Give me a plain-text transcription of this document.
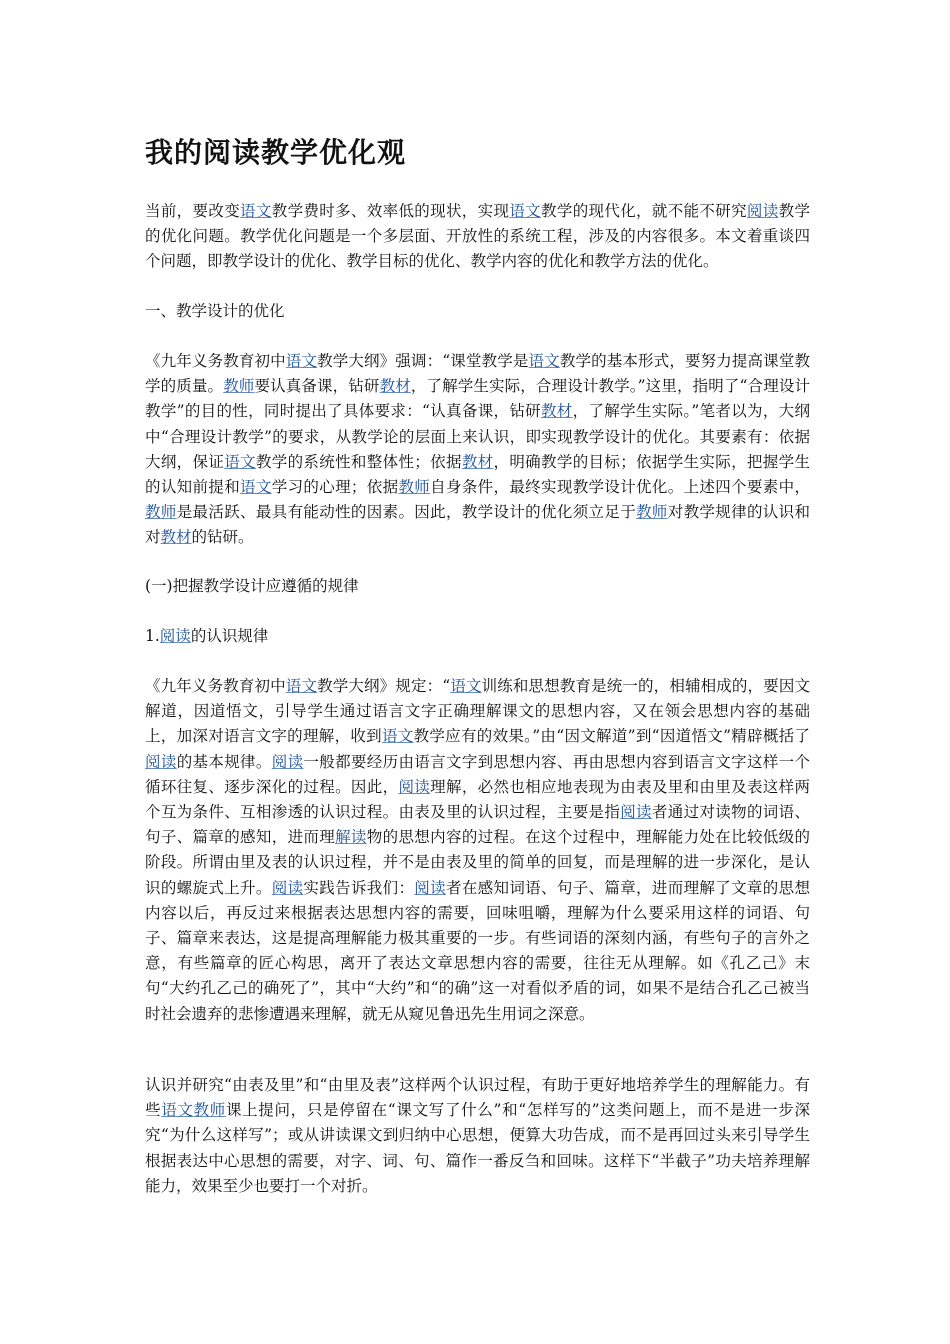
我的阅读教学优化观

当前，要改变语文教学费时多、效率低的现状，实现语文教学的现代化，就不能不研究阅读教学的优化问题。教学优化问题是一个多层面、开放性的系统工程，涉及的内容很多。本文着重谈四个问题，即教学设计的优化、教学目标的优化、教学内容的优化和教学方法的优化。

一、教学设计的优化

《九年义务教育初中语文教学大纲》强调：“课堂教学是语文教学的基本形式，要努力提高课堂教学的质量。教师要认真备课，钻研教材，了解学生实际，合理设计教学。”这里，指明了“合理设计教学”的目的性，同时提出了具体要求：“认真备课，钻研教材，了解学生实际。”笔者以为，大纲中“合理设计教学”的要求，从教学论的层面上来认识，即实现教学设计的优化。其要素有：依据大纲，保证语文教学的系统性和整体性；依据教材，明确教学的目标；依据学生实际，把握学生的认知前提和语文学习的心理；依据教师自身条件，最终实现教学设计优化。上述四个要素中，教师是最活跃、最具有能动性的因素。因此，教学设计的优化须立足于教师对教学规律的认识和对教材的钻研。

(一)把握教学设计应遵循的规律

1.阅读的认识规律

《九年义务教育初中语文教学大纲》规定：“语文训练和思想教育是统一的，相辅相成的，要因文解道，因道悟文，引导学生通过语言文字正确理解课文的思想内容，又在领会思想内容的基础上，加深对语言文字的理解，收到语文教学应有的效果。”由“因文解道”到“因道悟文”精辟概括了阅读的基本规律。阅读一般都要经历由语言文字到思想内容、再由思想内容到语言文字这样一个循环往复、逐步深化的过程。因此，阅读理解，必然也相应地表现为由表及里和由里及表这样两个互为条件、互相渗透的认识过程。由表及里的认识过程，主要是指阅读者通过对读物的词语、句子、篇章的感知，进而理解读物的思想内容的过程。在这个过程中，理解能力处在比较低级的阶段。所谓由里及表的认识过程，并不是由表及里的简单的回复，而是理解的进一步深化，是认识的螺旋式上升。阅读实践告诉我们：阅读者在感知词语、句子、篇章，进而理解了文章的思想内容以后，再反过来根据表达思想内容的需要，回味咀嚼，理解为什么要采用这样的词语、句子、篇章来表达，这是提高理解能力极其重要的一步。有些词语的深刻内涵，有些句子的言外之意，有些篇章的匠心构思，离开了表达文章思想内容的需要，往往无从理解。如《孔乙己》末句“大约孔乙己的确死了”，其中“大约”和“的确”这一对看似矛盾的词，如果不是结合孔乙己被当时社会遗弃的悲惨遭遇来理解，就无从窥见鲁迅先生用词之深意。

认识并研究“由表及里”和“由里及表”这样两个认识过程，有助于更好地培养学生的理解能力。有些语文教师课上提问，只是停留在“课文写了什么”和“怎样写的”这类问题上，而不是进一步深究“为什么这样写”；或从讲读课文到归纳中心思想，便算大功告成，而不是再回过头来引导学生根据表达中心思想的需要，对字、词、句、篇作一番反刍和回味。这样下“半截子”功夫培养理解能力，效果至少也要打一个对折。
